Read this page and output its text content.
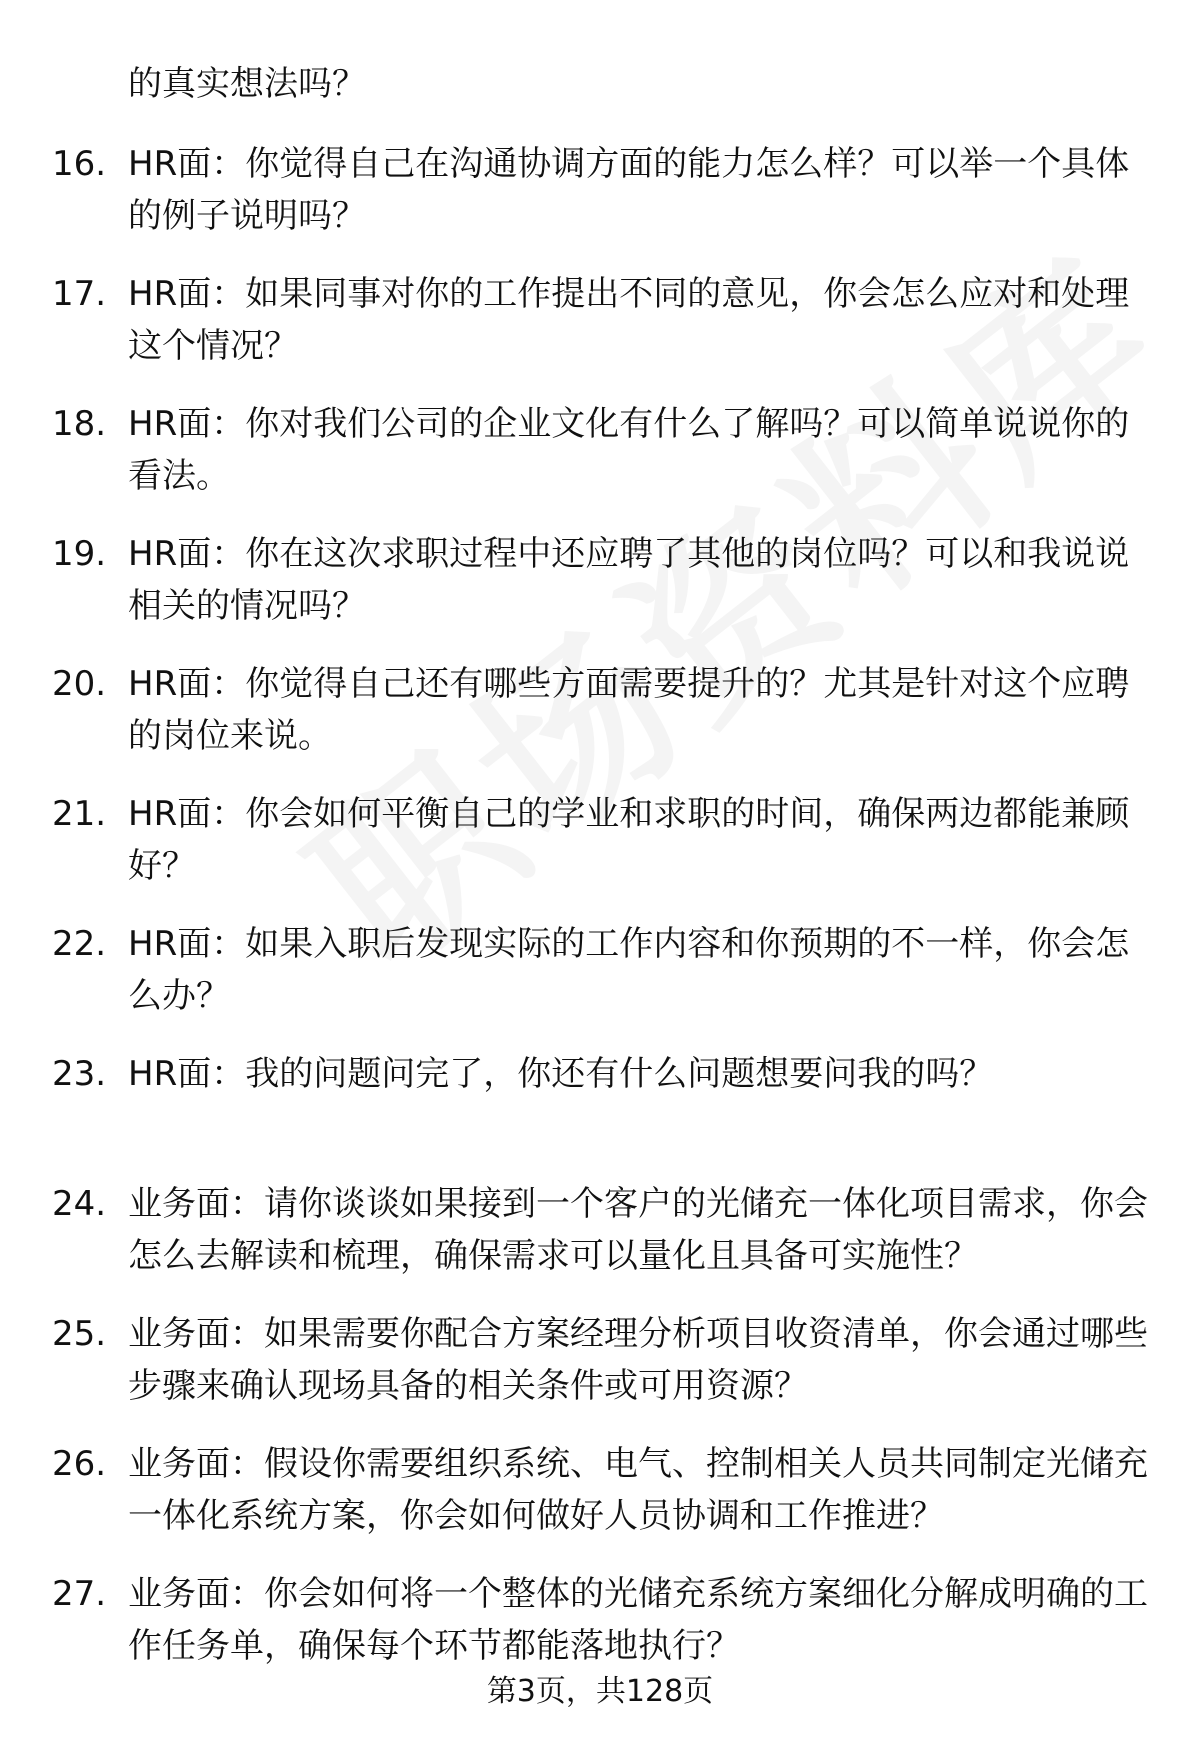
的真实想法吗？

16. HR面：你觉得自己在沟通协调方面的能力怎么样？可以举一个具体的例子说明吗？
17. HR面：如果同事对你的工作提出不同的意见，你会怎么应对和处理这个情况？
18. HR面：你对我们公司的企业文化有什么了解吗？可以简单说说你的看法。
19. HR面：你在这次求职过程中还应聘了其他的岗位吗？可以和我说说相关的情况吗？
20. HR面：你觉得自己还有哪些方面需要提升的？尤其是针对这个应聘的岗位来说。
21. HR面：你会如何平衡自己的学业和求职的时间，确保两边都能兼顾好？
22. HR面：如果入职后发现实际的工作内容和你预期的不一样，你会怎么办？
23. HR面：我的问题问完了，你还有什么问题想要问我的吗？
24. 业务面：请你谈谈如果接到一个客户的光储充一体化项目需求，你会怎么去解读和梳理，确保需求可以量化且具备可实施性？
25. 业务面：如果需要你配合方案经理分析项目收资清单，你会通过哪些步骤来确认现场具备的相关条件或可用资源？
26. 业务面：假设你需要组织系统、电气、控制相关人员共同制定光储充一体化系统方案，你会如何做好人员协调和工作推进？
27. 业务面：你会如何将一个整体的光储充系统方案细化分解成明确的工作任务单，确保每个环节都能落地执行？
第3页，共128页
